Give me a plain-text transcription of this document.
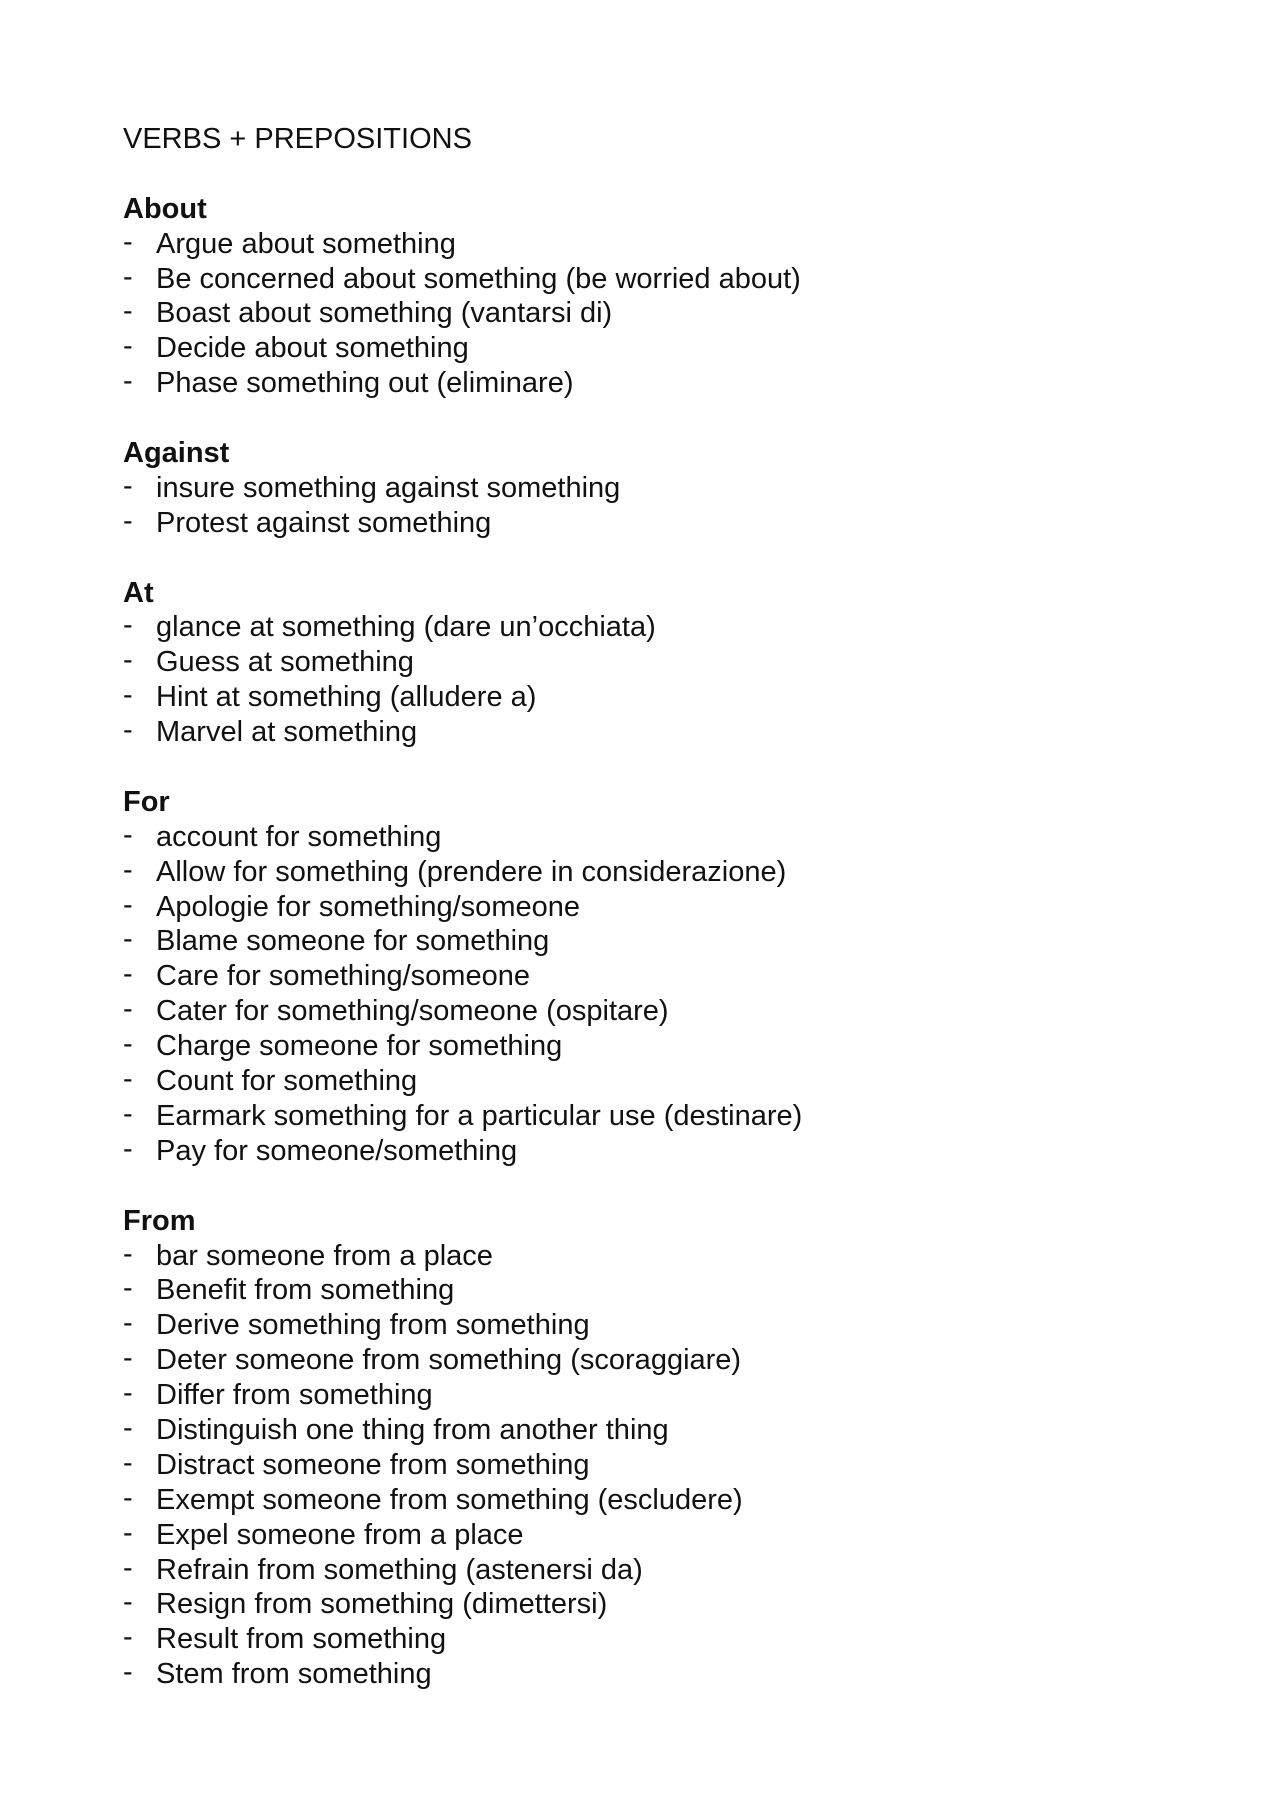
VERBS + PREPOSITIONS
About
- Argue about something
- Be concerned about something (be worried about)
- Boast about something (vantarsi di)
- Decide about something
- Phase something out (eliminare)
Against
- insure something against something
- Protest against something
At
- glance at something (dare un’occhiata)
- Guess at something
- Hint at something (alludere a)
- Marvel at something
For
- account for something
- Allow for something (prendere in considerazione)
- Apologie for something/someone
- Blame someone for something
- Care for something/someone
- Cater for something/someone (ospitare)
- Charge someone for something
- Count for something
- Earmark something for a particular use (destinare)
- Pay for someone/something
From
- bar someone from a place
- Benefit from something
- Derive something from something
- Deter someone from something (scoraggiare)
- Differ from something
- Distinguish one thing from another thing
- Distract someone from something
- Exempt someone from something (escludere)
- Expel someone from a place
- Refrain from something (astenersi da)
- Resign from something (dimettersi)
- Result from something
- Stem from something
